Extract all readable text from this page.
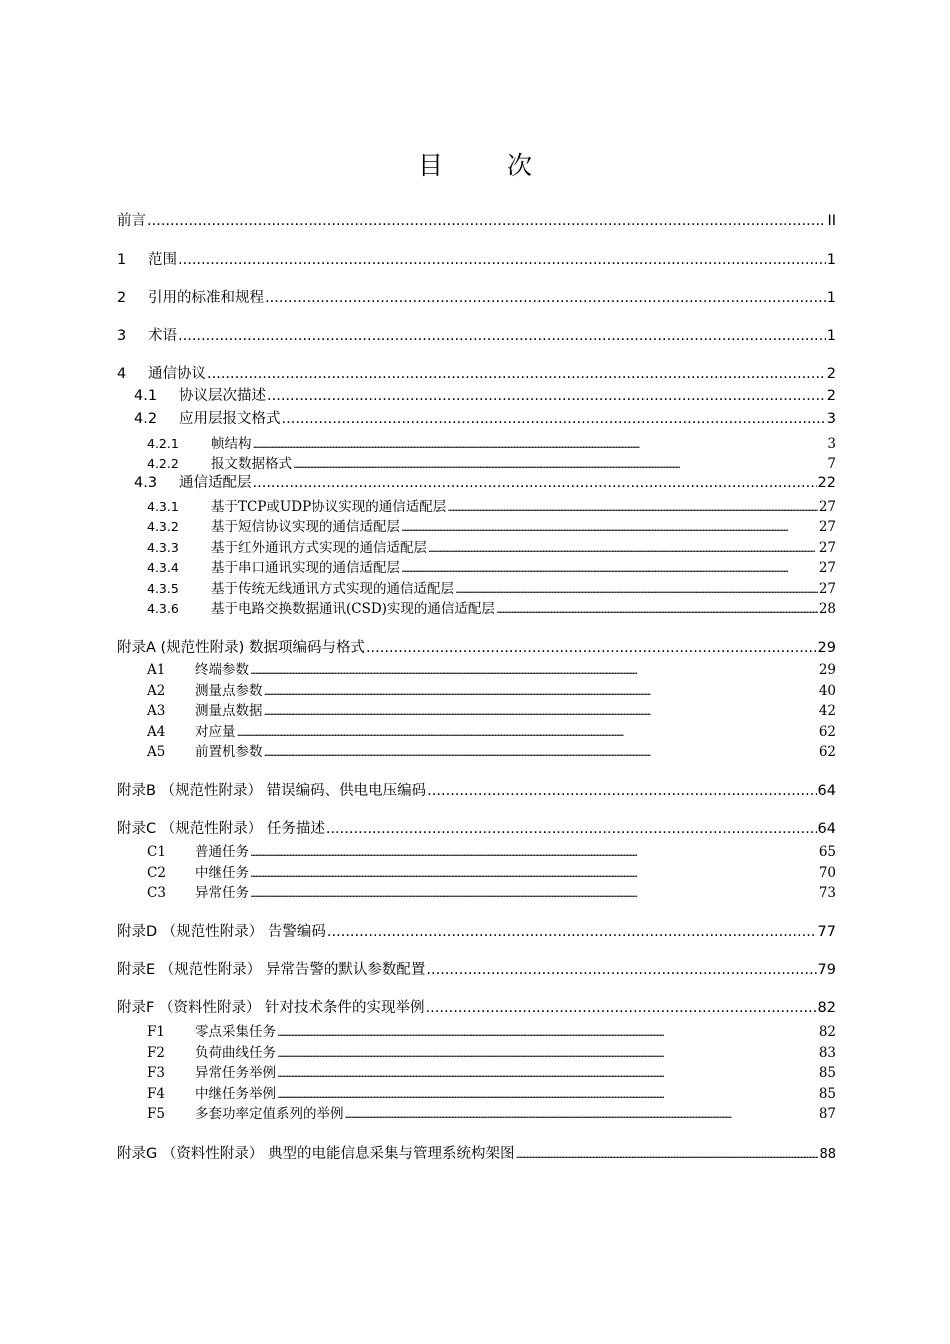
目 次
前言 .....	II
1	范围 .....	1
2	引用的标准和规程 .....	1
3	术语 .....	1
4	通信协议 .....	2
4.1	协议层次描述 .....	2
4.2	应用层报文格式 .....	3
4.2.1	帧结构 .....	3
4.2.2	报文数据格式 .....	7
4.3	通信适配层 .....	22
4.3.1	基于TCP或UDP协议实现的通信适配层 .....	27
4.3.2	基于短信协议实现的通信适配层 .....	27
4.3.3	基于红外通讯方式实现的通信适配层 .....	27
4.3.4	基于串口通讯实现的通信适配层 .....	27
4.3.5	基于传统无线通讯方式实现的通信适配层 .....	27
4.3.6	基于电路交换数据通讯(CSD)实现的通信适配层 .....	28
附录A (规范性附录) 数据项编码与格式 .....	29
A1	终端参数 .....	29
A2	测量点参数 .....	40
A3	测量点数据 .....	42
A4	对应量 .....	62
A5	前置机参数 .....	62
附录B （规范性附录） 错误编码、供电电压编码 .....	64
附录C （规范性附录） 任务描述 .....	64
C1	普通任务 .....	65
C2	中继任务 .....	70
C3	异常任务 .....	73
附录D （规范性附录） 告警编码 .....	77
附录E （规范性附录） 异常告警的默认参数配置 .....	79
附录F （资料性附录） 针对技术条件的实现举例 .....	82
F1	零点采集任务 .....	82
F2	负荷曲线任务 .....	83
F3	异常任务举例 .....	85
F4	中继任务举例 .....	85
F5	多套功率定值系列的举例 .....	87
附录G （资料性附录） 典型的电能信息采集与管理系统构架图 .....	88
